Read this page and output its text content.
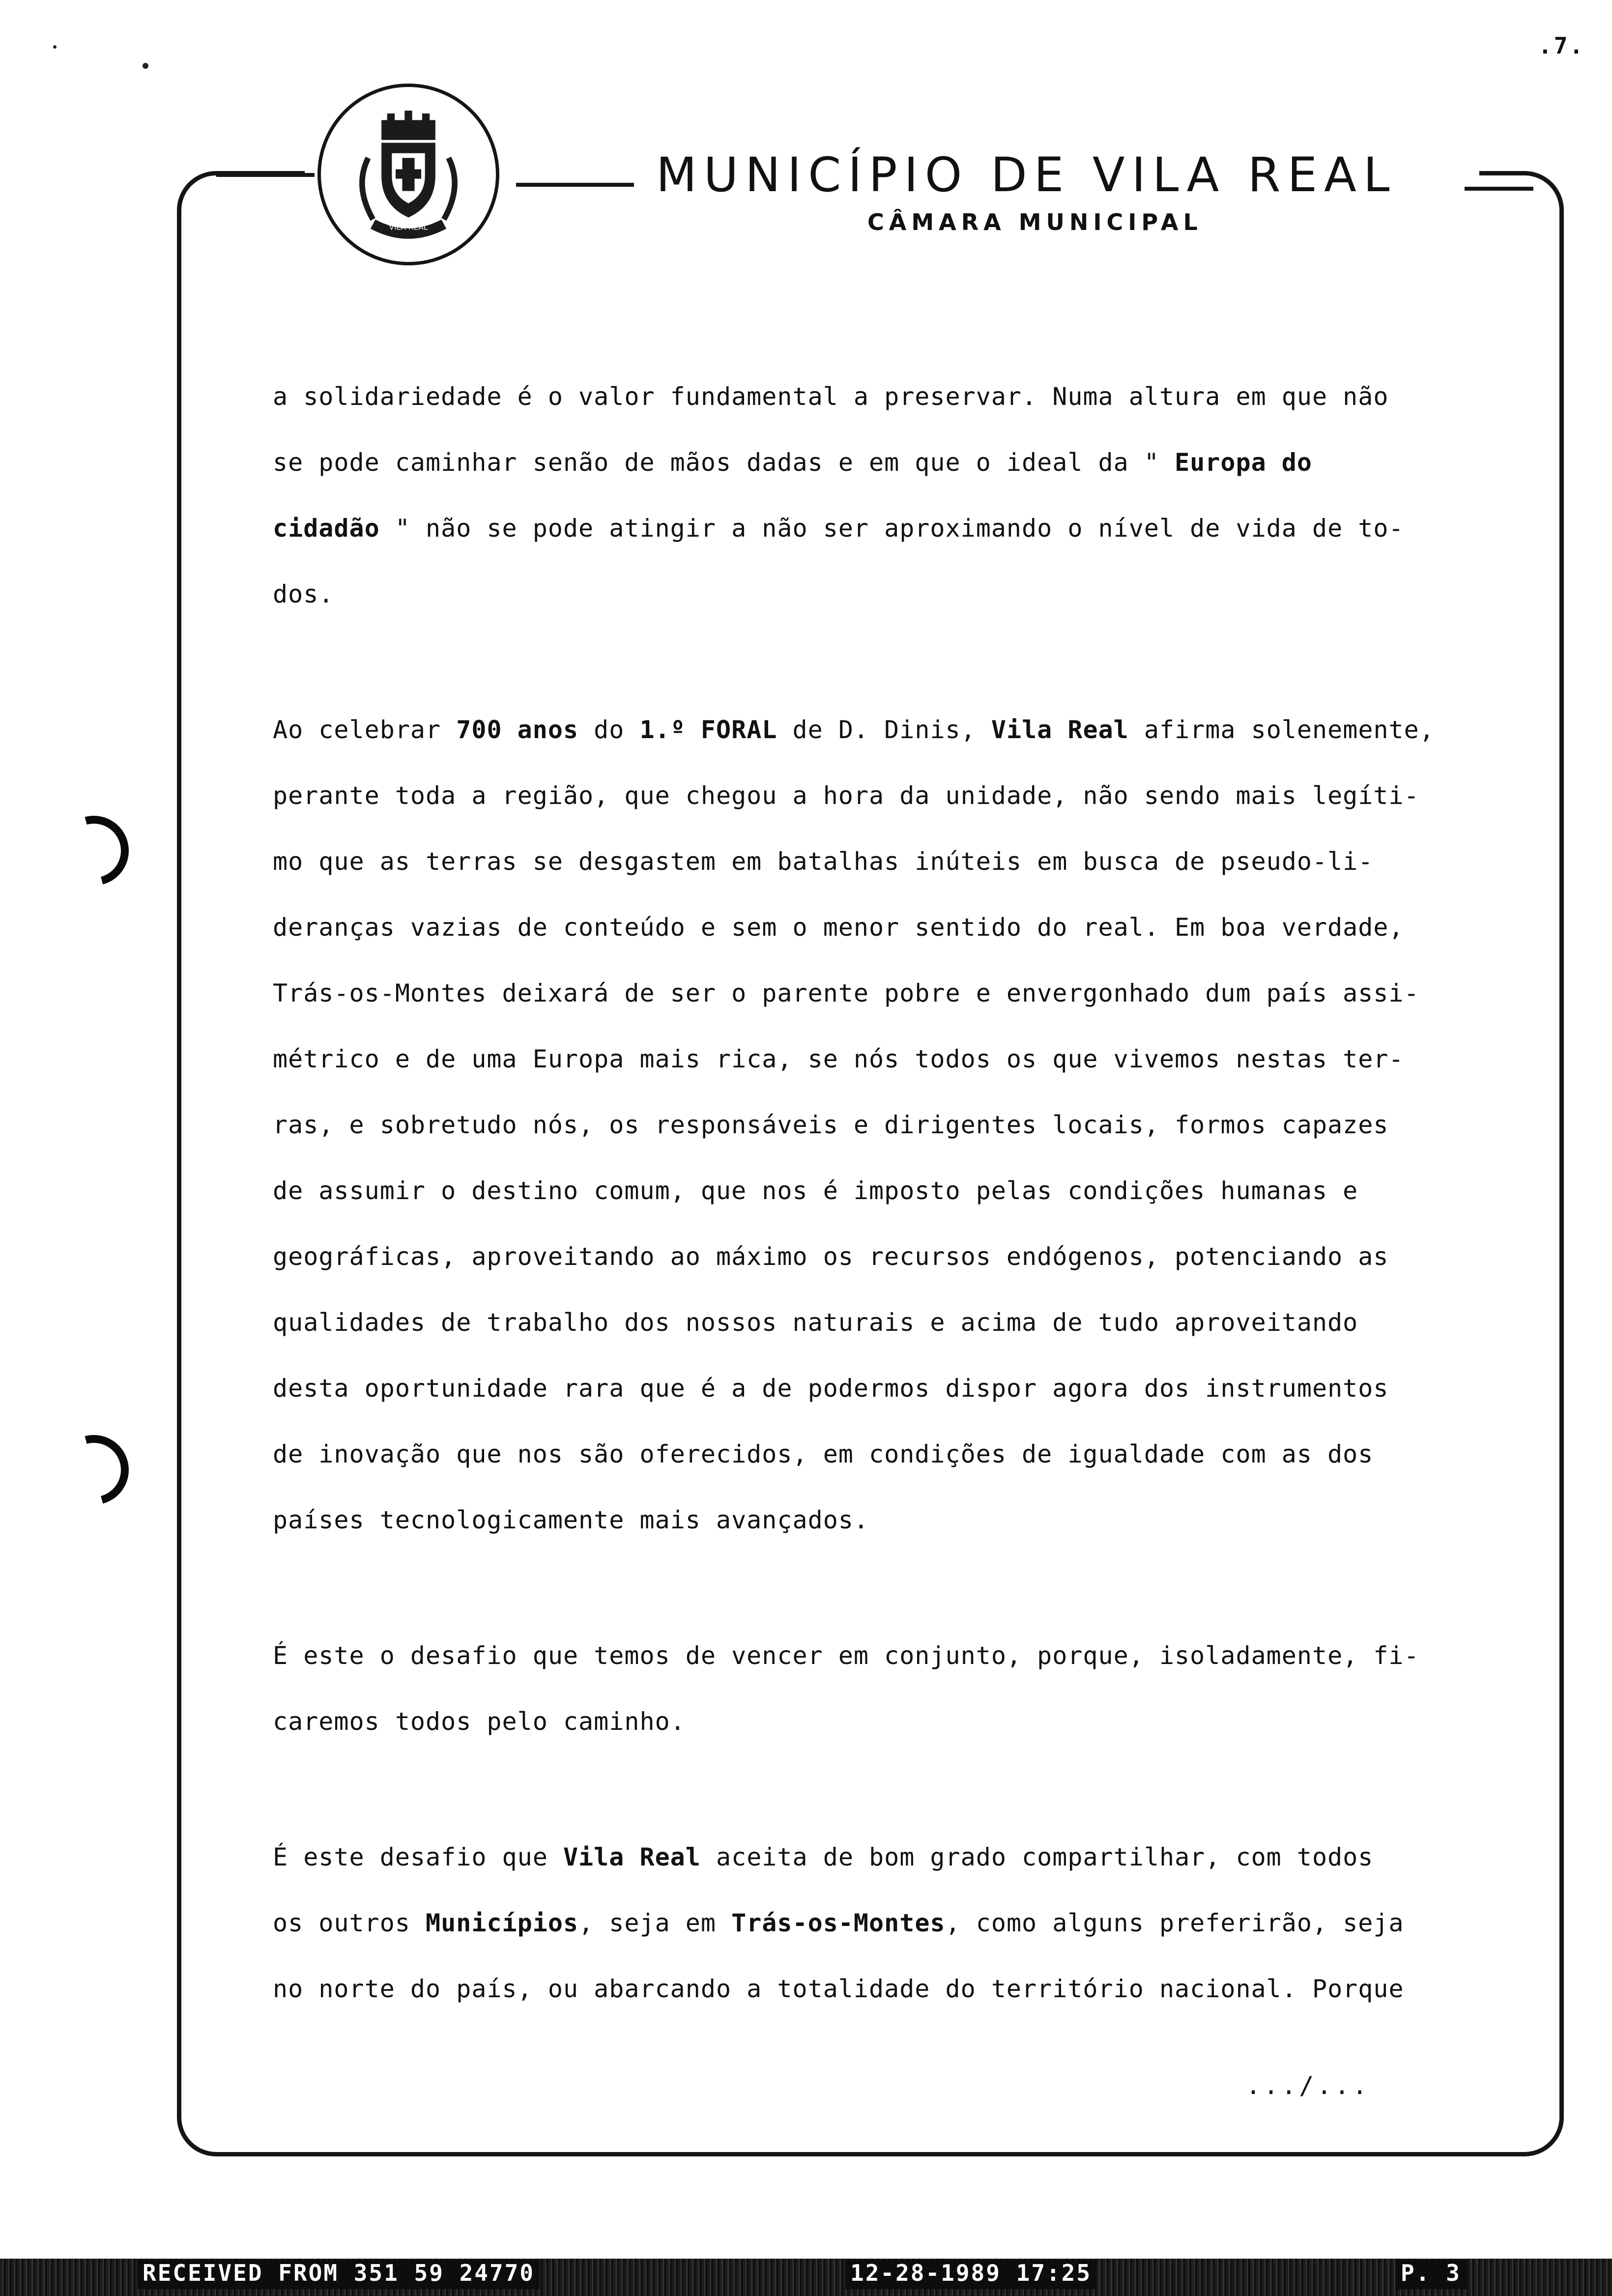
.7.
VILA REAL
MUNICÍPIO DE VILA REAL
CÂMARA MUNICIPAL
a solidariedade é o valor fundamental a preservar. Numa altura em que não
se pode caminhar senão de mãos dadas e em que o ideal da " Europa do
cidadão " não se pode atingir a não ser aproximando o nível de vida de to-
dos.
Ao celebrar 700 anos do 1.º FORAL de D. Dinis, Vila Real afirma solenemente,
perante toda a região, que chegou a hora da unidade, não sendo mais legíti-
mo que as terras se desgastem em batalhas inúteis em busca de pseudo-li-
deranças vazias de conteúdo e sem o menor sentido do real. Em boa verdade,
Trás-os-Montes deixará de ser o parente pobre e envergonhado dum país assi-
métrico e de uma Europa mais rica, se nós todos os que vivemos nestas ter-
ras, e sobretudo nós, os responsáveis e dirigentes locais, formos capazes
de assumir o destino comum, que nos é imposto pelas condições humanas e
geográficas, aproveitando ao máximo os recursos endógenos, potenciando as
qualidades de trabalho dos nossos naturais e acima de tudo aproveitando
desta oportunidade rara que é a de podermos dispor agora dos instrumentos
de inovação que nos são oferecidos, em condições de igualdade com as dos
países tecnologicamente mais avançados.
É este o desafio que temos de vencer em conjunto, porque, isoladamente, fi-
caremos todos pelo caminho.
É este desafio que Vila Real aceita de bom grado compartilhar, com todos
os outros Municípios, seja em Trás-os-Montes, como alguns preferirão, seja
no norte do país, ou abarcando a totalidade do território nacional. Porque
.../...
RECEIVED FROM 351 59 24770	12-28-1989 17:25	P. 3
